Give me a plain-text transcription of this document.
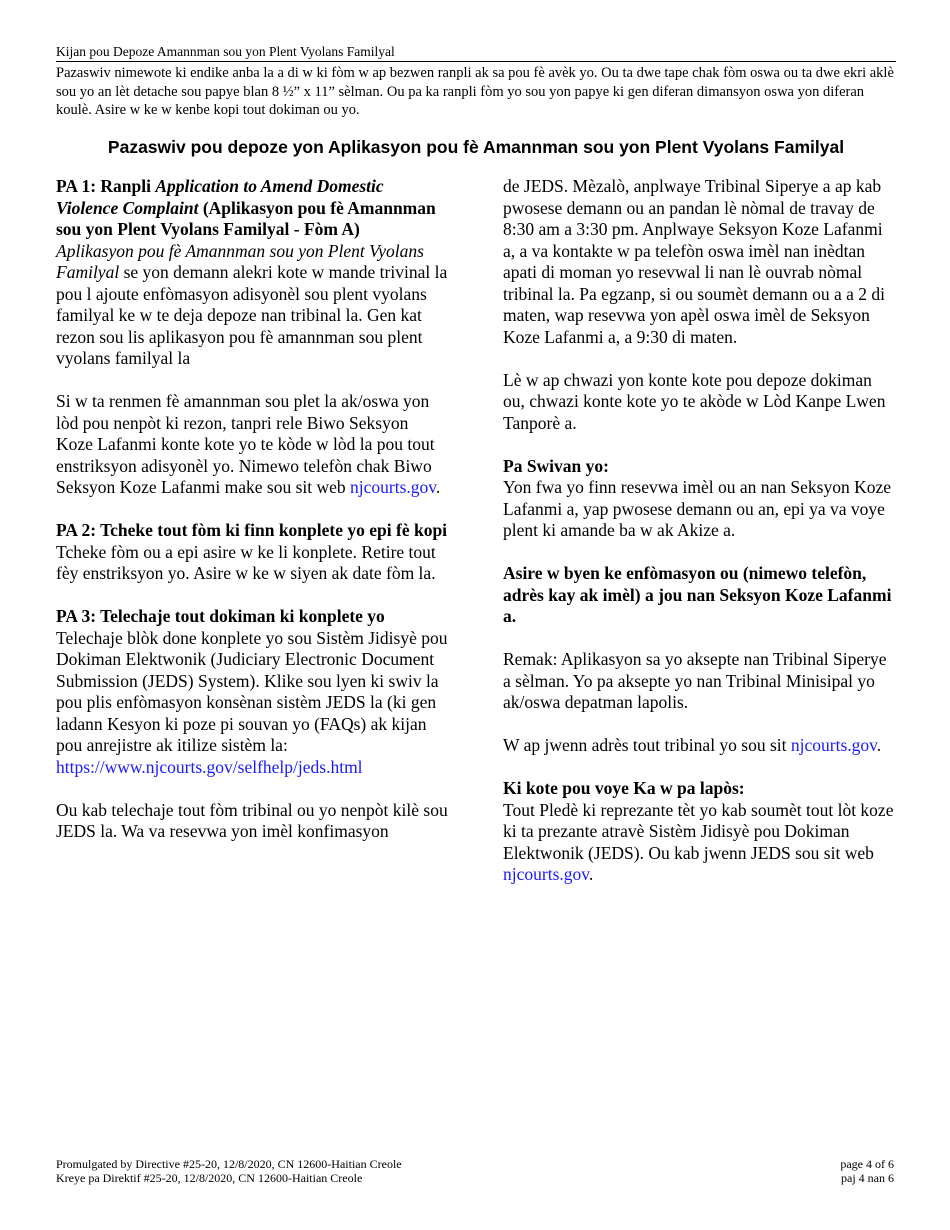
Kijan pou Depoze Amannman sou yon Plent Vyolans Familyal
Pazaswiv nimewote ki endike anba la a di w ki fòm w ap bezwen ranpli ak sa pou fè avèk yo. Ou ta dwe tape chak fòm oswa ou ta dwe ekri aklè sou yo an lèt detache sou papye blan 8 ½” x 11” sèlman. Ou pa ka ranpli fòm yo sou yon papye ki gen diferan dimansyon oswa yon diferan koulè. Asire w ke w kenbe kopi tout dokiman ou yo.
Pazaswiv pou depoze yon Aplikasyon pou fè Amannman sou yon Plent Vyolans Familyal

PA 1: Ranpli Application to Amend Domestic Violence Complaint (Aplikasyon pou fè Amannman sou yon Plent Vyolans Familyal - Fòm A)

Aplikasyon pou fè Amannman sou yon Plent Vyolans Familyal se yon demann alekri kote w mande trivinal la pou l ajoute enfòmasyon adisyonèl sou plent vyolans familyal ke w te deja depoze nan tribinal la. Gen kat rezon sou lis aplikasyon pou fè amannman sou plent vyolans familyal la

Si w ta renmen fè amannman sou plet la ak/oswa yon lòd pou nenpòt ki rezon, tanpri rele Biwo Seksyon Koze Lafanmi konte kote yo te kòde w lòd la pou tout enstriksyon adisyonèl yo. Nimewo telefòn chak Biwo Seksyon Koze Lafanmi make sou sit web njcourts.gov.

PA 2: Tcheke tout fòm ki finn konplete yo epi fè kopi

Tcheke fòm ou a epi asire w ke li konplete. Retire tout fèy enstriksyon yo. Asire w ke w siyen ak date fòm la.

PA 3: Telechaje tout dokiman ki konplete yo

Telechaje blòk done konplete yo sou Sistèm Jidisyè pou Dokiman Elektwonik (Judiciary Electronic Document Submission (JEDS) System). Klike sou lyen ki swiv la pou plis enfòmasyon konsènan sistèm JEDS la (ki gen ladann Kesyon ki poze pi souvan yo (FAQs) ak kijan pou anrejistre ak itilize sistèm la:

https://www.njcourts.gov/selfhelp/jeds.html

Ou kab telechaje tout fòm tribinal ou yo nenpòt kilè sou JEDS la. Wa va resevwa yon imèl konfimasyon

de JEDS. Mèzalò, anplwaye Tribinal Siperye a ap kab pwosese demann ou an pandan lè nòmal de travay de 8:30 am a 3:30 pm. Anplwaye Seksyon Koze Lafanmi a, a va kontakte w pa telefòn oswa imèl nan inèdtan apati di moman yo resevwal li nan lè ouvrab nòmal tribinal la. Pa egzanp, si ou soumèt demann ou a a 2 di maten, wap resevwa yon apèl oswa imèl de Seksyon Koze Lafanmi a, a 9:30 di maten.

Lè w ap chwazi yon konte kote pou depoze dokiman ou, chwazi konte kote yo te akòde w Lòd Kanpe Lwen Tanporè a.

Pa Swivan yo:

Yon fwa yo finn resevwa imèl ou an nan Seksyon Koze Lafanmi a, yap pwosese demann ou an, epi ya va voye plent ki amande ba w ak Akize a.

Asire w byen ke enfòmasyon ou (nimewo telefòn, adrès kay ak imèl) a jou nan Seksyon Koze Lafanmi a.

Remak: Aplikasyon sa yo aksepte nan Tribinal Siperye a sèlman. Yo pa aksepte yo nan Tribinal Minisipal yo ak/oswa depatman lapolis.

W ap jwenn adrès tout tribinal yo sou sit njcourts.gov.

Ki kote pou voye Ka w pa lapòs:

Tout Pledè ki reprezante tèt yo kab soumèt tout lòt koze ki ta prezante atravè Sistèm Jidisyè pou Dokiman Elektwonik (JEDS). Ou kab jwenn JEDS sou sit web njcourts.gov.

Promulgated by Directive #25-20, 12/8/2020, CN 12600-Haitian Creole
Kreye pa Direktif #25-20, 12/8/2020, CN 12600-Haitian Creole
page 4 of 6
paj 4 nan 6
